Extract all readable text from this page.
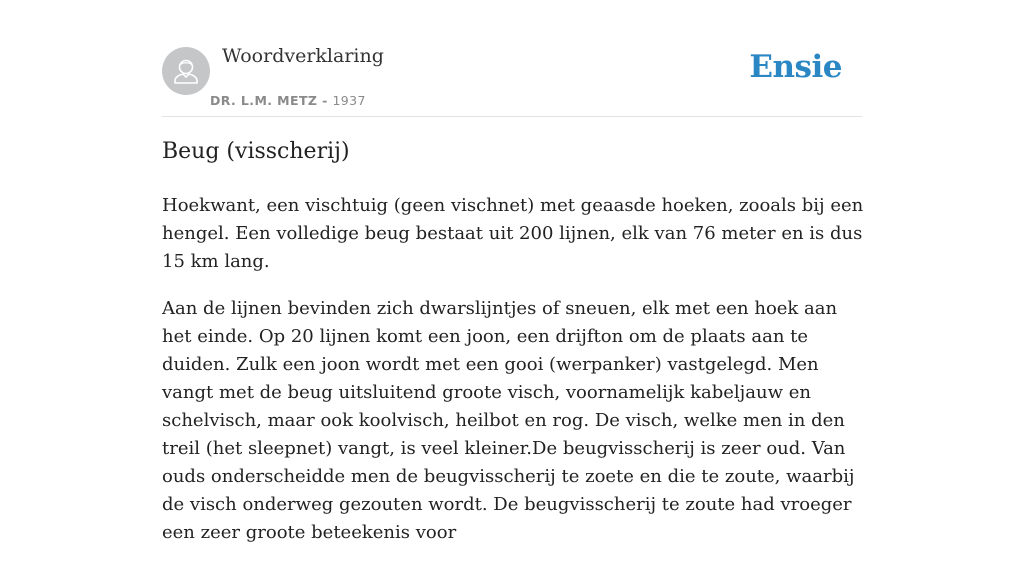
Woordverklaring
DR. L.M. METZ - 1937
Ensie
Beug (visscherij)

Hoekwant, een vischtuig (geen vischnet) met geaasde hoeken, zooals bij een hengel. Een volledige beug bestaat uit 200 lijnen, elk van 76 meter en is dus 15 km lang.

Aan de lijnen bevinden zich dwarslijntjes of sneuen, elk met een hoek aan het einde. Op 20 lijnen komt een joon, een drijfton om de plaats aan te duiden. Zulk een joon wordt met een gooi (werpanker) vastgelegd. Men vangt met de beug uitsluitend groote visch, voornamelijk kabeljauw en schelvisch, maar ook koolvisch, heilbot en rog. De visch, welke men in den treil (het sleepnet) vangt, is veel kleiner.De beugvisscherij is zeer oud. Van ouds onderscheidde men de beugvisscherij te zoete en die te zoute, waarbij de visch onderweg gezouten wordt. De beugvisscherij te zoute had vroeger een zeer groote beteekenis voor
